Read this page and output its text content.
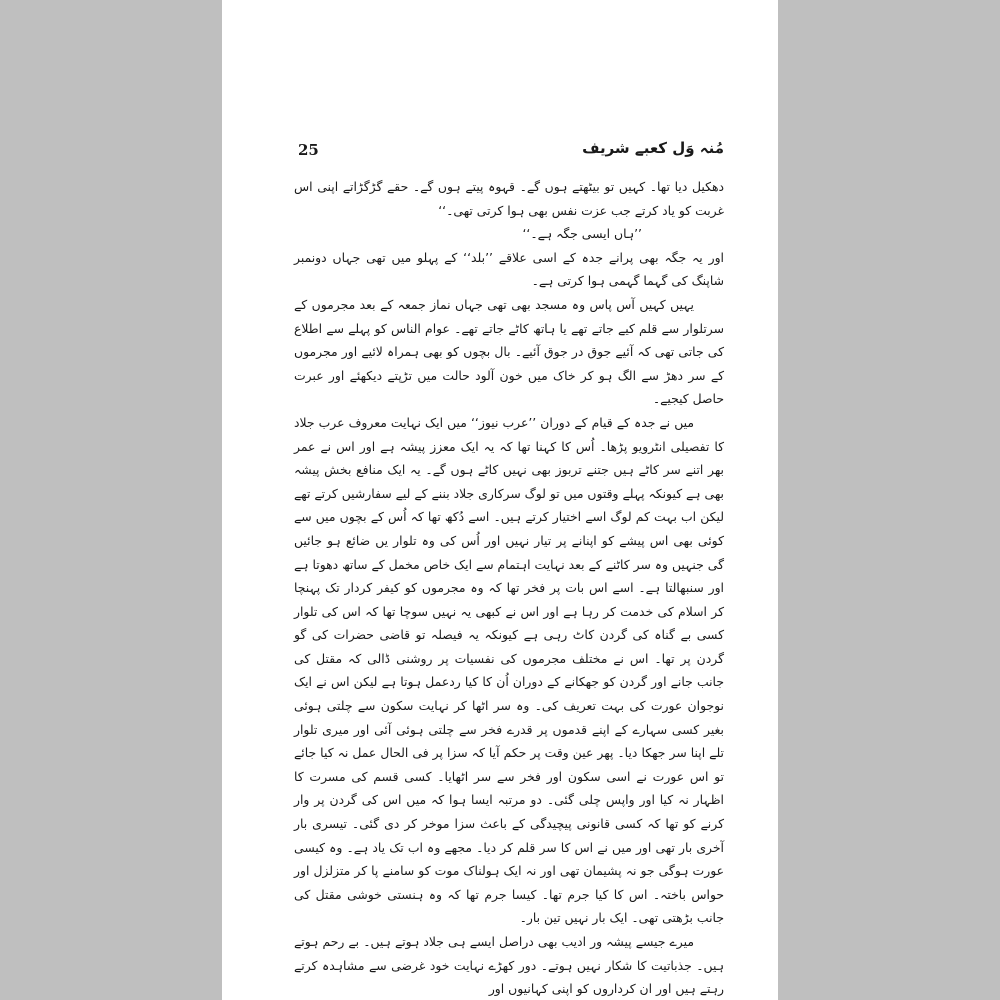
25	مُنہ وَل کعبے شریف

دھکیل دیا تھا۔ کہیں تو بیٹھتے ہوں گے۔ قہوہ پیتے ہوں گے۔ حقے گڑگڑاتے اپنی اس غربت کو یاد کرتے جب عزت نفس بھی ہوا کرتی تھی۔‘‘

’’ہاں ایسی جگہ ہے۔‘‘

اور یہ جگہ بھی پرانے جدہ کے اسی علاقے ’’بلد‘‘ کے پہلو میں تھی جہاں دونمبر شاپنگ کی گہما گہمی ہوا کرتی ہے۔

یہیں کہیں آس پاس وہ مسجد بھی تھی جہاں نماز جمعہ کے بعد مجرموں کے سرتلوار سے قلم کیے جاتے تھے یا ہاتھ کاٹے جاتے تھے۔ عوام الناس کو پہلے سے اطلاع کی جاتی تھی کہ آئیے جوق در جوق آئیے۔ بال بچوں کو بھی ہمراہ لائیے اور مجرموں کے سر دھڑ سے الگ ہو کر خاک میں خون آلود حالت میں تڑپتے دیکھئے اور عبرت حاصل کیجیے۔

میں نے جدہ کے قیام کے دوران ’’عرب نیوز‘‘ میں ایک نہایت معروف عرب جلاد کا تفصیلی انٹرویو پڑھا۔ اُس کا کہنا تھا کہ یہ ایک معزز پیشہ ہے اور اس نے عمر بھر اتنے سر کاٹے ہیں جتنے تربوز بھی نہیں کاٹے ہوں گے۔ یہ ایک منافع بخش پیشہ بھی ہے کیونکہ پہلے وقتوں میں تو لوگ سرکاری جلاد بننے کے لیے سفارشیں کرتے تھے لیکن اب بہت کم لوگ اسے اختیار کرتے ہیں۔ اسے دُکھ تھا کہ اُس کے بچوں میں سے کوئی بھی اس پیشے کو اپنانے پر تیار نہیں اور اُس کی وہ تلوار یں ضائع ہو جائیں گی جنہیں وہ سر کاٹنے کے بعد نہایت اہتمام سے ایک خاص مخمل کے ساتھ دھوتا ہے اور سنبھالتا ہے۔ اسے اس بات پر فخر تھا کہ وہ مجرموں کو کیفر کردار تک پہنچا کر اسلام کی خدمت کر رہا ہے اور اس نے کبھی یہ نہیں سوچا تھا کہ اس کی تلوار کسی بے گناہ کی گردن کاٹ رہی ہے کیونکہ یہ فیصلہ تو قاضی حضرات کی گو گردن پر تھا۔ اس نے مختلف مجرموں کی نفسیات پر روشنی ڈالی کہ مقتل کی جانب جانے اور گردن کو جھکانے کے دوران اُن کا کیا ردعمل ہوتا ہے لیکن اس نے ایک نوجوان عورت کی بہت تعریف کی۔ وہ سر اٹھا کر نہایت سکون سے چلتی ہوئی بغیر کسی سہارے کے اپنے قدموں پر قدرے فخر سے چلتی ہوئی آئی اور میری تلوار تلے اپنا سر جھکا دیا۔ پھر عین وقت پر حکم آیا کہ سزا پر فی الحال عمل نہ کیا جائے تو اس عورت نے اسی سکون اور فخر سے سر اٹھایا۔ کسی قسم کی مسرت کا اظہار نہ کیا اور واپس چلی گئی۔ دو مرتبہ ایسا ہوا کہ میں اس کی گردن پر وار کرنے کو تھا کہ کسی قانونی پیچیدگی کے باعث سزا موخر کر دی گئی۔ تیسری بار آخری بار تھی اور میں نے اس کا سر قلم کر دیا۔ مجھے وہ اب تک یاد ہے۔ وہ کیسی عورت ہوگی جو نہ پشیمان تھی اور نہ ایک ہولناک موت کو سامنے پا کر متزلزل اور حواس باختہ۔ اس کا کیا جرم تھا۔ کیسا جرم تھا کہ وہ ہنستی خوشی مقتل کی جانب بڑھتی تھی۔ ایک بار نہیں تین بار۔

میرے جیسے پیشہ ور ادیب بھی دراصل ایسے ہی جلاد ہوتے ہیں۔ بے رحم ہوتے ہیں۔ جذباتیت کا شکار نہیں ہوتے۔ دور کھڑے نہایت خود غرضی سے مشاہدہ کرتے رہتے ہیں اور ان کرداروں کو اپنی کہانیوں اور
